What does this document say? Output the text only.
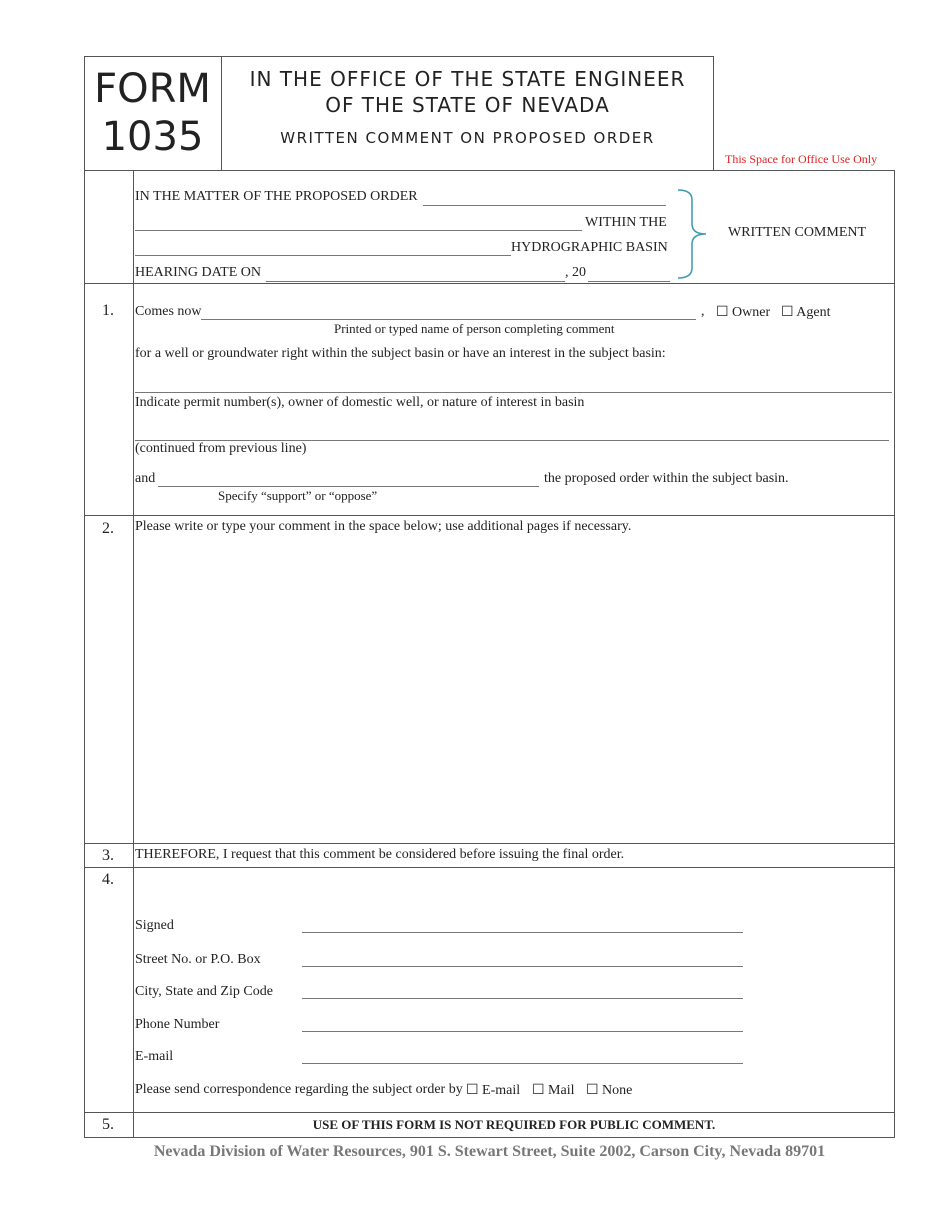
FORM
1035
IN THE OFFICE OF THE STATE ENGINEER
OF THE STATE OF NEVADA
WRITTEN COMMENT ON PROPOSED ORDER
This Space for Office Use Only
IN THE MATTER OF THE PROPOSED ORDER
WITHIN THE
HYDROGRAPHIC BASIN
HEARING DATE ON	, 20
WRITTEN COMMENT
1. Comes now	, ☐ Owner ☐ Agent
Printed or typed name of person completing comment
for a well or groundwater right within the subject basin or have an interest in the subject basin:
Indicate permit number(s), owner of domestic well, or nature of interest in basin
(continued from previous line)
and	the proposed order within the subject basin.
Specify “support” or “oppose”
2. Please write or type your comment in the space below; use additional pages if necessary.
3. THEREFORE, I request that this comment be considered before issuing the final order.
4.
Signed
Street No. or P.O. Box
City, State and Zip Code
Phone Number
E-mail
Please send correspondence regarding the subject order by ☐ E-mail ☐ Mail ☐ None
5.	USE OF THIS FORM IS NOT REQUIRED FOR PUBLIC COMMENT.
Nevada Division of Water Resources, 901 S. Stewart Street, Suite 2002, Carson City, Nevada 89701
